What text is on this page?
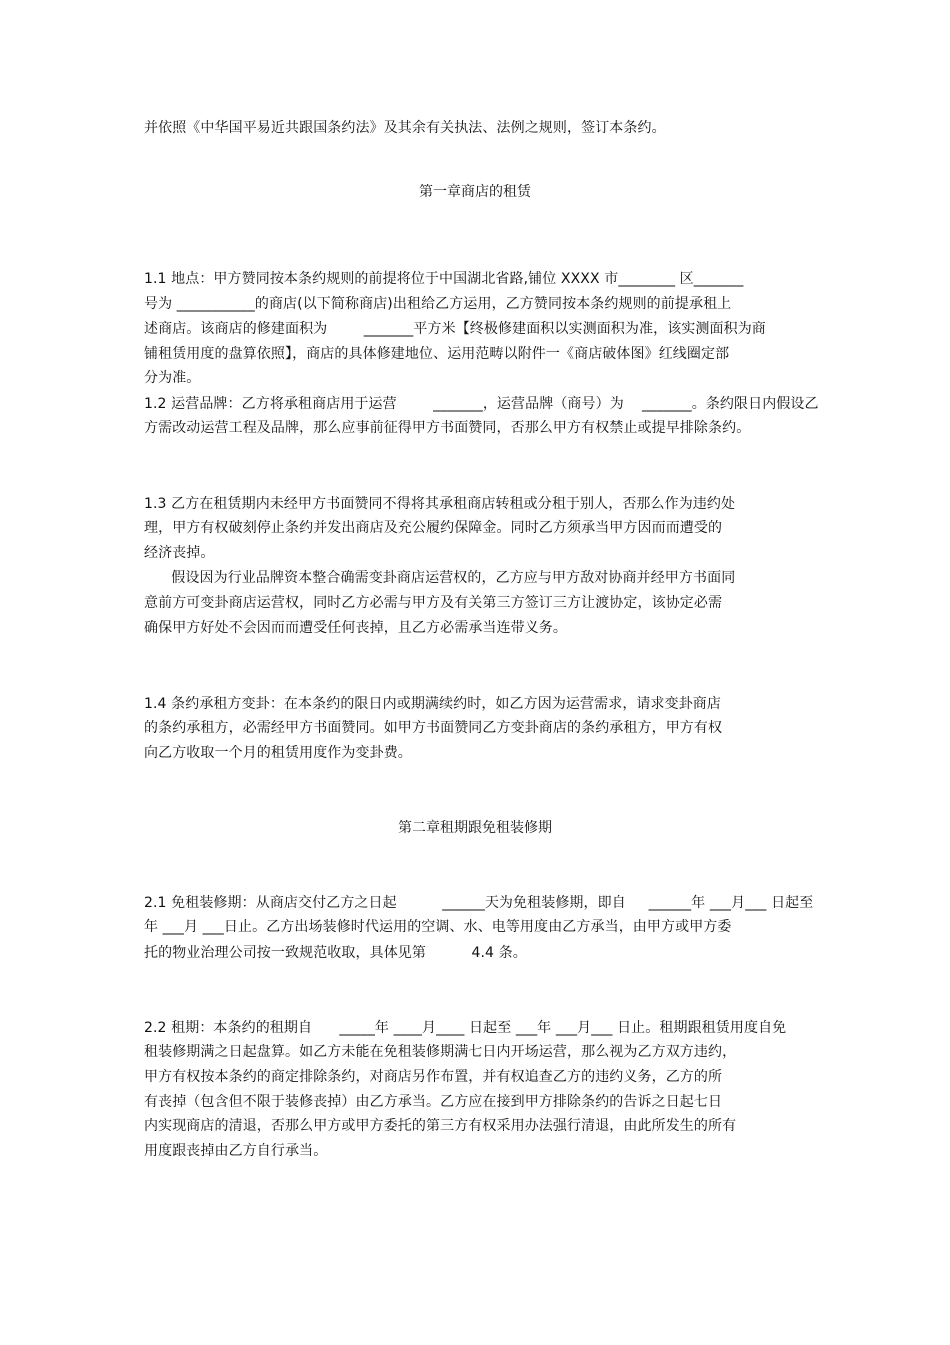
并依照《中华国平易近共跟国条约法》及其余有关执法、法例之规则，签订本条约。
第一章商店的租赁
1.1 地点：甲方赞同按本条约规则的前提将位于中国湖北省路,铺位 XXXX 市________ 区_______
号为 ___________的商店(以下简称商店)出租给乙方运用，乙方赞同按本条约规则的前提承租上
述商店。该商店的修建面积为        _______平方米【终极修建面积以实测面积为准，该实测面积为商
铺租赁用度的盘算依照】，商店的具体修建地位、运用范畴以附件一《商店破体图》红线圈定部
分为准。
1.2 运营品牌：乙方将承租商店用于运营        _______，运营品牌（商号）为    _______。条约限日内假设乙
方需改动运营工程及品牌，那么应事前征得甲方书面赞同，否那么甲方有权禁止或提早排除条约。
1.3 乙方在租赁期内未经甲方书面赞同不得将其承租商店转租或分租于别人，否那么作为违约处
理，甲方有权破刻停止条约并发出商店及充公履约保障金。同时乙方须承当甲方因而而遭受的
经济丧掉。
假设因为行业品牌资本整合确需变卦商店运营权的，乙方应与甲方敌对协商并经甲方书面同
意前方可变卦商店运营权，同时乙方必需与甲方及有关第三方签订三方让渡协定，该协定必需
确保甲方好处不会因而而遭受任何丧掉，且乙方必需承当连带义务。
1.4 条约承租方变卦：在本条约的限日内或期满续约时，如乙方因为运营需求，请求变卦商店
的条约承租方，必需经甲方书面赞同。如甲方书面赞同乙方变卦商店的条约承租方，甲方有权
向乙方收取一个月的租赁用度作为变卦费。
第二章租期跟免租装修期
2.1 免租装修期：从商店交付乙方之日起          ______天为免租装修期，即自     ______年 ___月___ 日起至
年 ___月 ___日止。乙方出场装修时代运用的空调、水、电等用度由乙方承当，由甲方或甲方委
托的物业治理公司按一致规范收取，具体见第          4.4 条。
2.2 租期：本条约的租期自      _____年 ____月____ 日起至 ___年 ___月___ 日止。租期跟租赁用度自免
租装修期满之日起盘算。如乙方未能在免租装修期满七日内开场运营，那么视为乙方双方违约，
甲方有权按本条约的商定排除条约，对商店另作布置，并有权追查乙方的违约义务，乙方的所
有丧掉（包含但不限于装修丧掉）由乙方承当。乙方应在接到甲方排除条约的告诉之日起七日
内实现商店的清退，否那么甲方或甲方委托的第三方有权采用办法强行清退，由此所发生的所有
用度跟丧掉由乙方自行承当。
